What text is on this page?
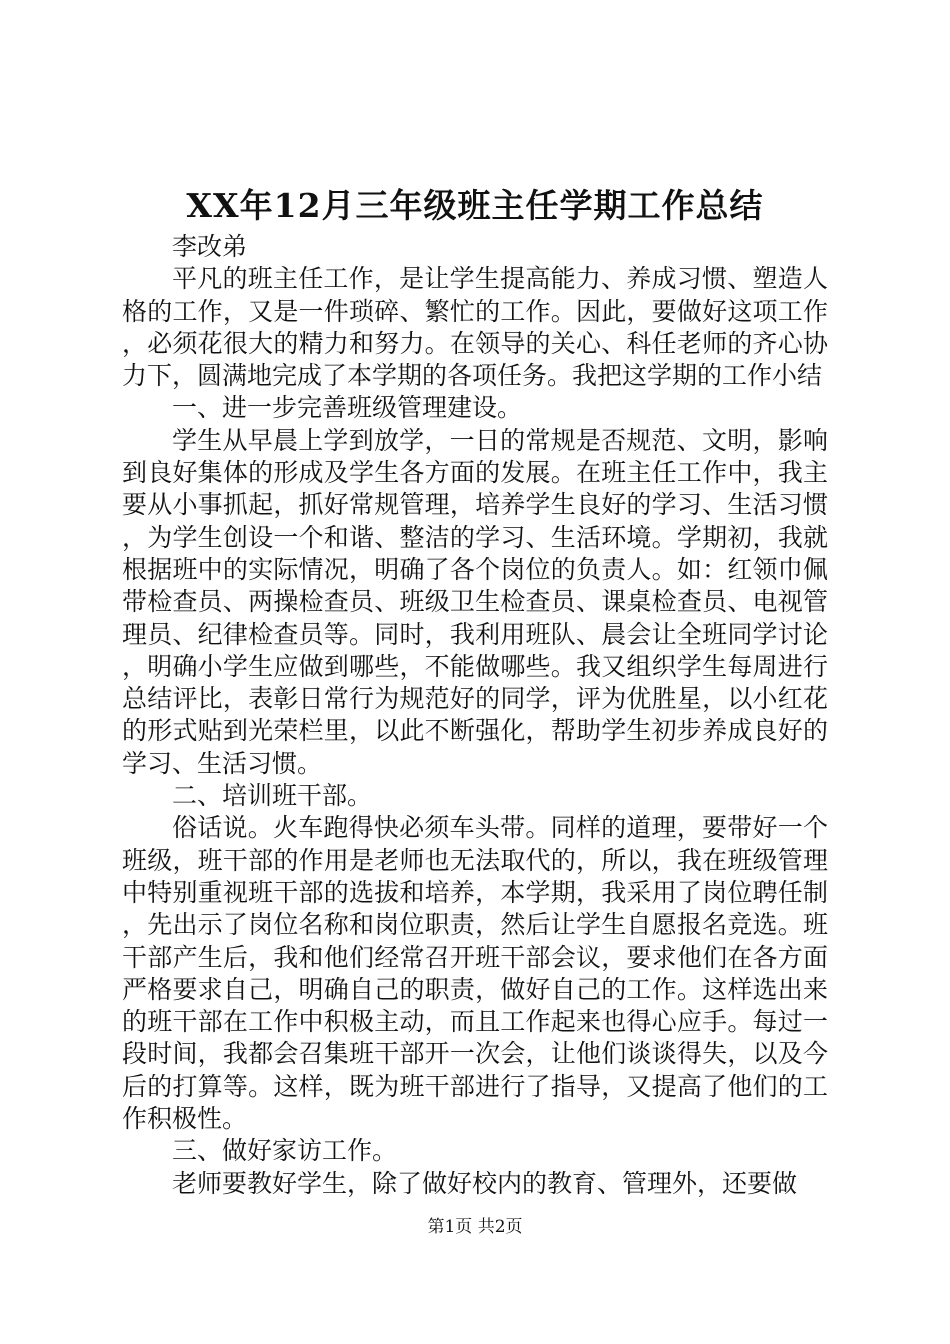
XX年12月三年级班主任学期工作总结

李改弟

平凡的班主任工作，是让学生提高能力、养成习惯、塑造人格的工作，又是一件琐碎、繁忙的工作。因此，要做好这项工作，必须花很大的精力和努力。在领导的关心、科任老师的齐心协力下，圆满地完成了本学期的各项任务。我把这学期的工作小结

一、进一步完善班级管理建设。

学生从早晨上学到放学，一日的常规是否规范、文明，影响到良好集体的形成及学生各方面的发展。在班主任工作中，我主要从小事抓起，抓好常规管理，培养学生良好的学习、生活习惯，为学生创设一个和谐、整洁的学习、生活环境。学期初，我就根据班中的实际情况，明确了各个岗位的负责人。如：红领巾佩带检查员、两操检查员、班级卫生检查员、课桌检查员、电视管理员、纪律检查员等。同时，我利用班队、晨会让全班同学讨论，明确小学生应做到哪些，不能做哪些。我又组织学生每周进行总结评比，表彰日常行为规范好的同学，评为优胜星，以小红花的形式贴到光荣栏里，以此不断强化，帮助学生初步养成良好的学习、生活习惯。

二、培训班干部。

俗话说。火车跑得快必须车头带。同样的道理，要带好一个班级，班干部的作用是老师也无法取代的，所以，我在班级管理中特别重视班干部的选拔和培养，本学期，我采用了岗位聘任制，先出示了岗位名称和岗位职责，然后让学生自愿报名竞选。班干部产生后，我和他们经常召开班干部会议，要求他们在各方面严格要求自己，明确自己的职责，做好自己的工作。这样选出来的班干部在工作中积极主动，而且工作起来也得心应手。每过一段时间，我都会召集班干部开一次会，让他们谈谈得失，以及今后的打算等。这样，既为班干部进行了指导，又提高了他们的工作积极性。

三、做好家访工作。

老师要教好学生，除了做好校内的教育、管理外，还要做

第1页 共2页
